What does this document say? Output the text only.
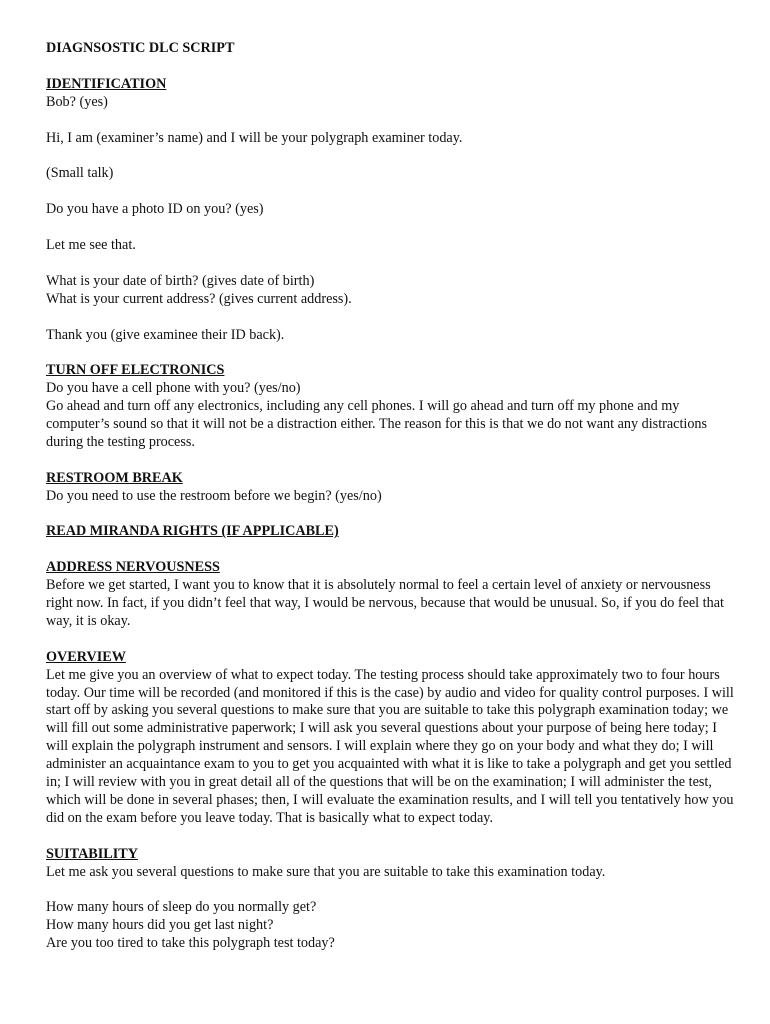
DIAGNSOSTIC DLC SCRIPT
IDENTIFICATION
Bob? (yes)
Hi, I am (examiner’s name) and I will be your polygraph examiner today.
(Small talk)
Do you have a photo ID on you? (yes)
Let me see that.
What is your date of birth? (gives date of birth)
What is your current address? (gives current address).
Thank you (give examinee their ID back).
TURN OFF ELECTRONICS
Do you have a cell phone with you? (yes/no)
Go ahead and turn off any electronics, including any cell phones. I will go ahead and turn off my phone and my computer’s sound so that it will not be a distraction either. The reason for this is that we do not want any distractions during the testing process.
RESTROOM BREAK
Do you need to use the restroom before we begin? (yes/no)
READ MIRANDA RIGHTS (IF APPLICABLE)
ADDRESS NERVOUSNESS
Before we get started, I want you to know that it is absolutely normal to feel a certain level of anxiety or nervousness right now. In fact, if you didn’t feel that way, I would be nervous, because that would be unusual. So, if you do feel that way, it is okay.
OVERVIEW
Let me give you an overview of what to expect today. The testing process should take approximately two to four hours today. Our time will be recorded (and monitored if this is the case) by audio and video for quality control purposes. I will start off by asking you several questions to make sure that you are suitable to take this polygraph examination today; we will fill out some administrative paperwork; I will ask you several questions about your purpose of being here today; I will explain the polygraph instrument and sensors. I will explain where they go on your body and what they do; I will administer an acquaintance exam to you to get you acquainted with what it is like to take a polygraph and get you settled in; I will review with you in great detail all of the questions that will be on the examination; I will administer the test, which will be done in several phases; then, I will evaluate the examination results, and I will tell you tentatively how you did on the exam before you leave today. That is basically what to expect today.
SUITABILITY
Let me ask you several questions to make sure that you are suitable to take this examination today.
How many hours of sleep do you normally get?
How many hours did you get last night?
Are you too tired to take this polygraph test today?
